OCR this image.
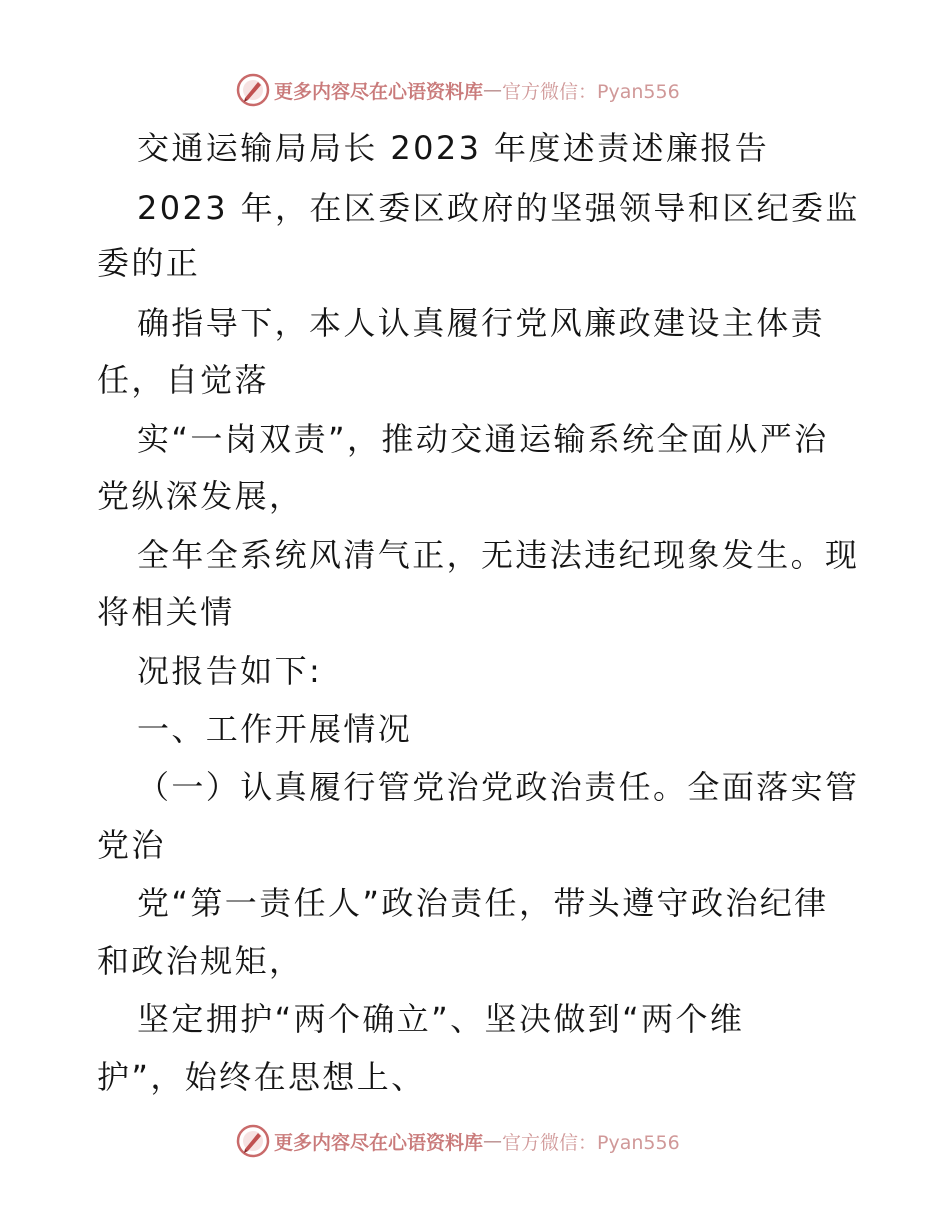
更多内容尽在心语资料库 — 官方微信：Pyan556
交通运输局局长 2023 年度述责述廉报告
2023 年，在区委区政府的坚强领导和区纪委监
委的正
确指导下，本人认真履行党风廉政建设主体责
任，自觉落
实“一岗双责”，推动交通运输系统全面从严治
党纵深发展，
全年全系统风清气正，无违法违纪现象发生。现
将相关情
况报告如下:
一、工作开展情况
（一）认真履行管党治党政治责任。全面落实管
党治
党“第一责任人”政治责任，带头遵守政治纪律
和政治规矩，
坚定拥护“两个确立”、坚决做到“两个维
护”，始终在思想上、
更多内容尽在心语资料库 — 官方微信：Pyan556
